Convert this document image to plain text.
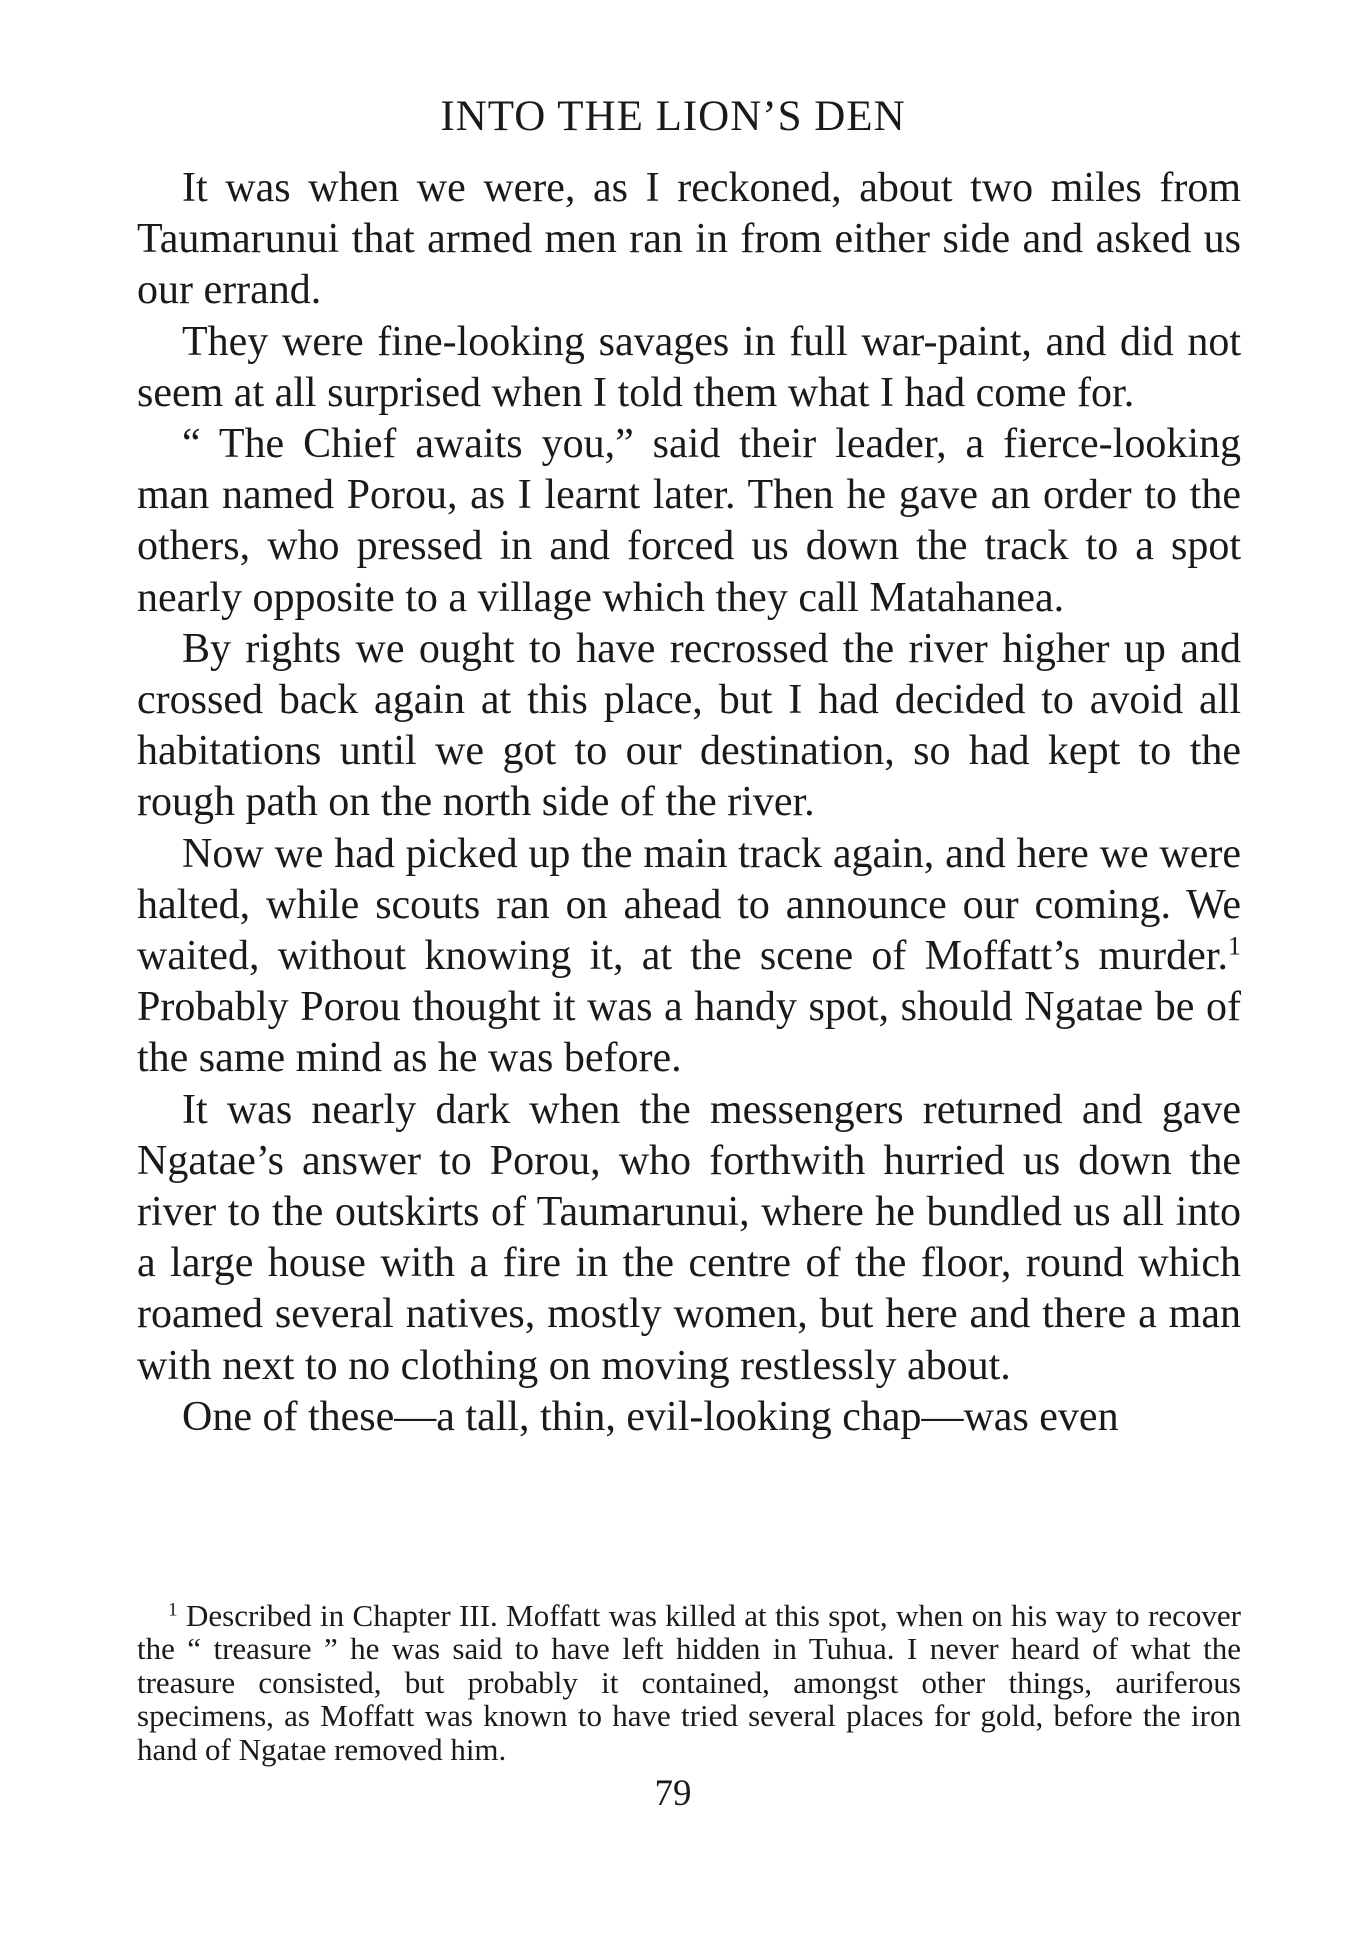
INTO THE LION’S DEN

It was when we were, as I reckoned, about two miles from Taumarunui that armed men ran in from either side and asked us our errand.

They were fine-looking savages in full war-paint, and did not seem at all surprised when I told them what I had come for.

“ The Chief awaits you,” said their leader, a fierce-looking man named Porou, as I learnt later. Then he gave an order to the others, who pressed in and forced us down the track to a spot nearly opposite to a village which they call Matahanea.

By rights we ought to have recrossed the river higher up and crossed back again at this place, but I had decided to avoid all habitations until we got to our destination, so had kept to the rough path on the north side of the river.

Now we had picked up the main track again, and here we were halted, while scouts ran on ahead to announce our coming. We waited, without knowing it, at the scene of Moffatt’s murder.$^1$ Probably Porou thought it was a handy spot, should Ngatae be of the same mind as he was before.

It was nearly dark when the messengers returned and gave Ngatae’s answer to Porou, who forthwith hurried us down the river to the outskirts of Taumarunui, where he bundled us all into a large house with a fire in the centre of the floor, round which roamed several natives, mostly women, but here and there a man with next to no clothing on moving restlessly about.

One of these—a tall, thin, evil-looking chap—was even

$^1$ Described in Chapter III. Moffatt was killed at this spot, when on his way to recover the “ treasure ” he was said to have left hidden in Tuhua. I never heard of what the treasure consisted, but probably it contained, amongst other things, auriferous specimens, as Moffatt was known to have tried several places for gold, before the iron hand of Ngatae removed him.

79
